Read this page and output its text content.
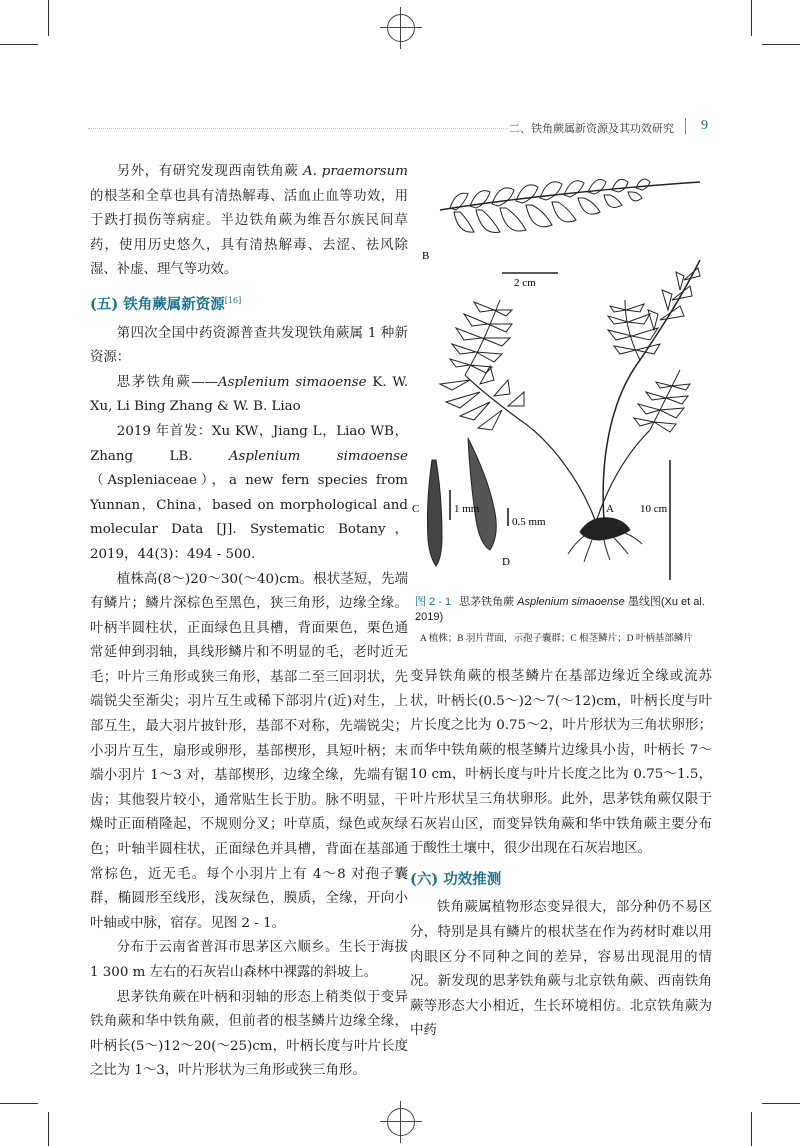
二、铁角蕨属新资源及其功效研究 9

另外，有研究发现西南铁角蕨 A. praemorsum 的根茎和全草也具有清热解毒、活血止血等功效，用于跌打损伤等病症。半边铁角蕨为维吾尔族民间草药，使用历史悠久，具有清热解毒、去涩、祛风除湿、补虚、理气等功效。

(五) 铁角蕨属新资源[16]

第四次全国中药资源普查共发现铁角蕨属 1 种新资源：

思茅铁角蕨——Asplenium simaoense K. W. Xu, Li Bing Zhang & W. B. Liao

2019 年首发：Xu KW，Jiang L，Liao WB，Zhang LB. Asplenium simaoense（Aspleniaceae），a new fern species from Yunnan，China，based on morphological and molecular Data [J]. Systematic Botany，2019，44(3)：494 - 500.

植株高(8～)20～30(～40)cm。根状茎短，先端有鳞片；鳞片深棕色至黑色，狭三角形，边缘全缘。叶柄半圆柱状，正面绿色且具槽，背面栗色，栗色通常延伸到羽轴，具线形鳞片和不明显的毛，老时近无毛；叶片三角形或狭三角形，基部二至三回羽状，先端锐尖至渐尖；羽片互生或稀下部羽片(近)对生，上部互生，最大羽片披针形，基部不对称，先端锐尖；小羽片互生，扇形或卵形，基部楔形，具短叶柄；末端小羽片 1～3 对，基部楔形，边缘全缘，先端有锯齿；其他裂片较小，通常贴生长于肋。脉不明显，干燥时正面稍隆起，不规则分叉；叶草质，绿色或灰绿色；叶轴半圆柱状，正面绿色并具槽，背面在基部通常棕色，近无毛。每个小羽片上有 4～8 对孢子囊群，椭圆形至线形，浅灰绿色，膜质，全缘，开向小叶轴或中脉，宿存。见图 2 - 1。

分布于云南省普洱市思茅区六顺乡。生长于海拔 1 300 m 左右的石灰岩山森林中裸露的斜坡上。

思茅铁角蕨在叶柄和羽轴的形态上稍类似于变异铁角蕨和华中铁角蕨，但前者的根茎鳞片边缘全缘，叶柄长(5～)12～20(～25)cm，叶柄长度与叶片长度之比为 1～3，叶片形状为三角形或狭三角形。

B
2 cm
C	1 mm
0.5 mm
D
A 10 cm
图 2 - 1 思茅铁角蕨 Asplenium simaoense 墨线图(Xu et al. 2019)
A 植株；B 羽片背面，示孢子囊群；C 根茎鳞片；D 叶柄基部鳞片

变异铁角蕨的根茎鳞片在基部边缘近全缘或流苏状，叶柄长(0.5～)2～7(～12)cm，叶柄长度与叶片长度之比为 0.75～2，叶片形状为三角状卵形；而华中铁角蕨的根茎鳞片边缘具小齿，叶柄长 7～10 cm，叶柄长度与叶片长度之比为 0.75～1.5，叶片形状呈三角状卵形。此外，思茅铁角蕨仅限于石灰岩山区，而变异铁角蕨和华中铁角蕨主要分布于酸性土壤中，很少出现在石灰岩地区。

(六) 功效推测

铁角蕨属植物形态变异很大，部分种仍不易区分，特别是具有鳞片的根状茎在作为药材时难以用肉眼区分不同种之间的差异，容易出现混用的情况。新发现的思茅铁角蕨与北京铁角蕨、西南铁角蕨等形态大小相近，生长环境相仿。北京铁角蕨为中药
